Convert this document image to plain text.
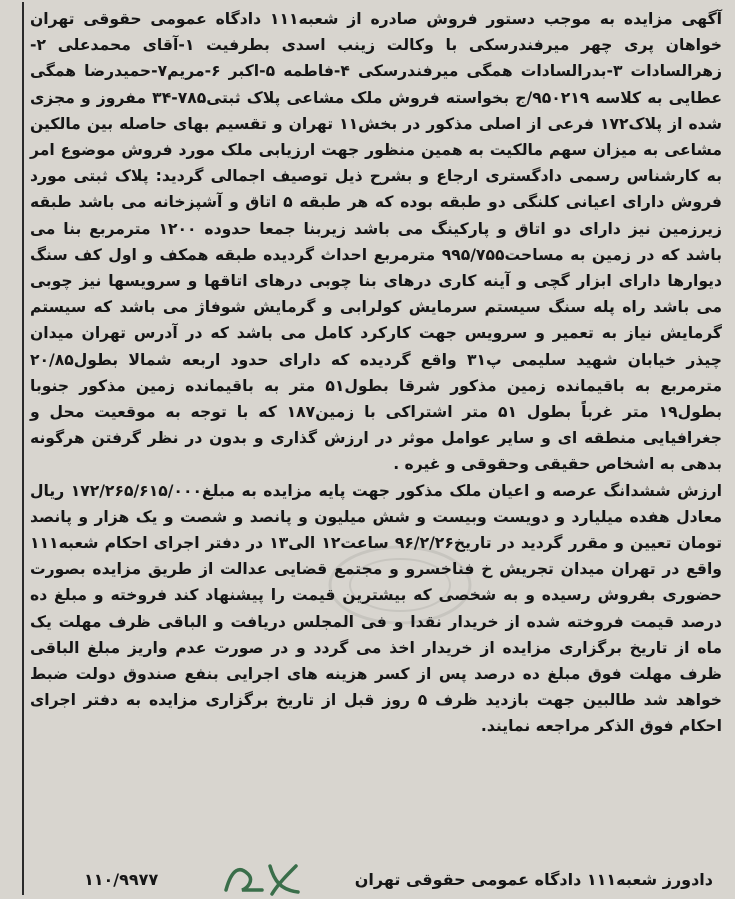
آگهی مزایده به موجب دستور فروش صادره از شعبه۱۱۱ دادگاه عمومی حقوقی تهران خواهان پری چهر میرفندرسکی با وکالت زینب اسدی بطرفیت ۱-آقای محمدعلی ۲-زهرالسادات ۳-بدرالسادات همگی میرفندرسکی ۴-فاطمه ۵-اکبر ۶-مریم۷-حمیدرضا همگی عطایی به کلاسه ۹۵۰۲۱۹/ج بخواسته فروش ملک مشاعی پلاک ثبتی۷۸۵-۳۴ مفروز و مجزی شده از پلاک۱۷۲ فرعی از اصلی مذکور در بخش۱۱ تهران و تقسیم بهای حاصله بین مالکین مشاعی به میزان سهم مالکیت به همین منظور جهت ارزیابی ملک مورد فروش موضوع امر به کارشناس رسمی دادگستری ارجاع و بشرح ذیل توصیف اجمالی گردید: پلاک ثبتی مورد فروش دارای اعیانی کلنگی دو طبقه بوده که هر طبقه ۵ اتاق و آشپزخانه می باشد طبقه زیرزمین نیز دارای دو اتاق و پارکینگ می باشد زیربنا جمعا حدوده ۱۲۰۰ مترمربع بنا می باشد که در زمین به مساحت۹۹۵/۷۵۵ مترمربع احداث گردیده طبقه همکف و اول کف سنگ دیوارها دارای ابزار گچی و آینه کاری درهای بنا چوبی درهای اتاقها و سرویسها نیز چوبی می باشد راه پله سنگ سیستم سرمایش کولرابی و گرمایش شوفاژ می باشد که سیستم گرمایش نیاز به تعمیر و سرویس جهت کارکرد کامل می باشد که در آدرس تهران میدان چیذر خیابان شهید سلیمی پ۳۱ واقع گردیده که دارای حدود اربعه شمالا بطول۲۰/۸۵ مترمربع به باقیمانده زمین مذکور شرقا بطول۵۱ متر به باقیمانده زمین مذکور جنوبا بطول۱۹ متر غرباً بطول ۵۱ متر اشتراکی با زمین۱۸۷ که با توجه به موقعیت محل و جغرافیایی منطقه ای و سایر عوامل موثر در ارزش گذاری و بدون در نظر گرفتن هرگونه بدهی به اشخاص حقیقی وحقوقی و غیره .

ارزش ششدانگ عرصه و اعیان ملک مذکور جهت پایه مزایده به مبلغ۱۷۲/۲۶۵/۶۱۵/۰۰۰ ریال معادل هفده میلیارد و دویست وبیست و شش میلیون و پانصد و شصت و یک هزار و پانصد تومان تعیین و مقرر گردید در تاریخ۹۶/۲/۲۶ ساعت۱۲ الی۱۳ در دفتر اجرای احکام شعبه۱۱۱ واقع در تهران میدان تجریش خ فناخسرو و مجتمع قضایی عدالت از طریق مزایده بصورت حضوری بفروش رسیده و به شخصی که بیشترین قیمت را پیشنهاد کند فروخته و مبلغ ده درصد قیمت فروخته شده از خریدار نقدا و فی المجلس دریافت و الباقی ظرف مهلت یک ماه از تاریخ برگزاری مزایده از خریدار اخذ می گردد و در صورت عدم واریز مبلغ الباقی ظرف مهلت فوق مبلغ ده درصد پس از کسر هزینه های اجرایی بنفع صندوق دولت ضبط خواهد شد طالبین جهت بازدید ظرف ۵ روز قبل از تاریخ برگزاری مزایده به دفتر اجرای احکام فوق الذکر مراجعه نمایند.

دادورز شعبه۱۱۱ دادگاه عمومی حقوقی تهران
۱۱۰/۹۹۷۷
